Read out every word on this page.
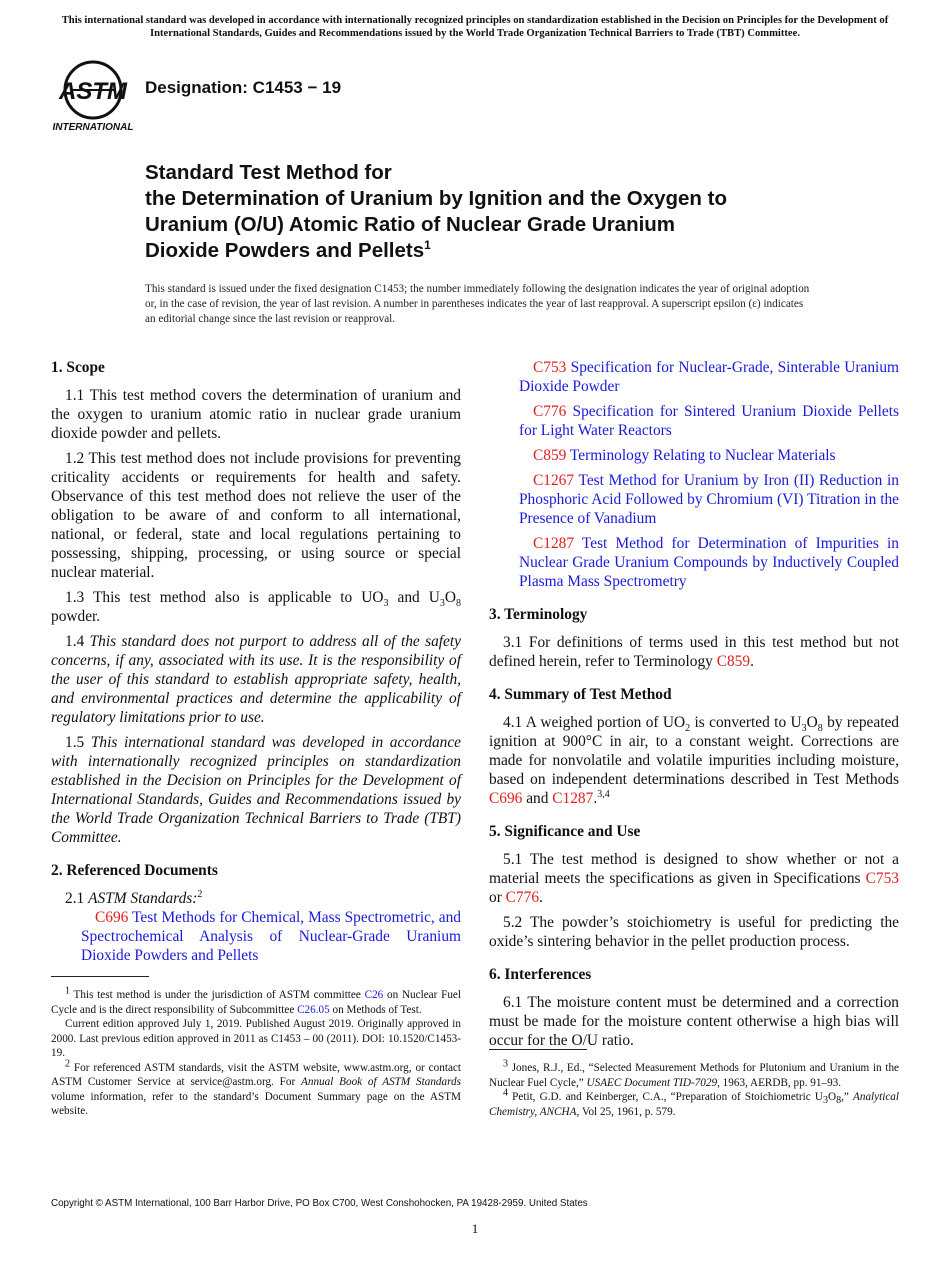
This international standard was developed in accordance with internationally recognized principles on standardization established in the Decision on Principles for the Development of International Standards, Guides and Recommendations issued by the World Trade Organization Technical Barriers to Trade (TBT) Committee.
ASTM
INTERNATIONAL
Designation: C1453 − 19
Standard Test Method for
the Determination of Uranium by Ignition and the Oxygen to
Uranium (O/U) Atomic Ratio of Nuclear Grade Uranium
Dioxide Powders and Pellets$^1$
This standard is issued under the fixed designation C1453; the number immediately following the designation indicates the year of original adoption or, in the case of revision, the year of last revision. A number in parentheses indicates the year of last reapproval. A superscript epsilon (ε) indicates an editorial change since the last revision or reapproval.
1. Scope

1.1 This test method covers the determination of uranium and the oxygen to uranium atomic ratio in nuclear grade uranium dioxide powder and pellets.

1.2 This test method does not include provisions for preventing criticality accidents or requirements for health and safety. Observance of this test method does not relieve the user of the obligation to be aware of and conform to all international, national, or federal, state and local regulations pertaining to possessing, shipping, processing, or using source or special nuclear material.

1.3 This test method also is applicable to $UO_3$ and $U_3O_8$ powder.

1.4 This standard does not purport to address all of the safety concerns, if any, associated with its use. It is the responsibility of the user of this standard to establish appropriate safety, health, and environmental practices and determine the applicability of regulatory limitations prior to use.

1.5 This international standard was developed in accordance with internationally recognized principles on standardization established in the Decision on Principles for the Development of International Standards, Guides and Recommendations issued by the World Trade Organization Technical Barriers to Trade (TBT) Committee.

2. Referenced Documents

2.1 ASTM Standards:$^2$

C696 Test Methods for Chemical, Mass Spectrometric, and Spectrochemical Analysis of Nuclear-Grade Uranium Dioxide Powders and Pellets

$^1$ This test method is under the jurisdiction of ASTM committee C26 on Nuclear Fuel Cycle and is the direct responsibility of Subcommittee C26.05 on Methods of Test.

Current edition approved July 1, 2019. Published August 2019. Originally approved in 2000. Last previous edition approved in 2011 as C1453 – 00 (2011). DOI: 10.1520/C1453-19.

$^2$ For referenced ASTM standards, visit the ASTM website, www.astm.org, or contact ASTM Customer Service at service@astm.org. For Annual Book of ASTM Standards volume information, refer to the standard’s Document Summary page on the ASTM website.

C753 Specification for Nuclear-Grade, Sinterable Uranium Dioxide Powder

C776 Specification for Sintered Uranium Dioxide Pellets for Light Water Reactors

C859 Terminology Relating to Nuclear Materials

C1267 Test Method for Uranium by Iron (II) Reduction in Phosphoric Acid Followed by Chromium (VI) Titration in the Presence of Vanadium

C1287 Test Method for Determination of Impurities in Nuclear Grade Uranium Compounds by Inductively Coupled Plasma Mass Spectrometry

3. Terminology

3.1 For definitions of terms used in this test method but not defined herein, refer to Terminology C859.

4. Summary of Test Method

4.1 A weighed portion of $UO_2$ is converted to $U_3O_8$ by repeated ignition at 900°C in air, to a constant weight. Corrections are made for nonvolatile and volatile impurities including moisture, based on independent determinations described in Test Methods C696 and C1287.$^{3,4}$

5. Significance and Use

5.1 The test method is designed to show whether or not a material meets the specifications as given in Specifications C753 or C776.

5.2 The powder’s stoichiometry is useful for predicting the oxide’s sintering behavior in the pellet production process.

6. Interferences

6.1 The moisture content must be determined and a correction must be made for the moisture content otherwise a high bias will occur for the O/U ratio.

$^3$ Jones, R.J., Ed., “Selected Measurement Methods for Plutonium and Uranium in the Nuclear Fuel Cycle,” USAEC Document TID-7029, 1963, AERDB, pp. 91–93.

$^4$ Petit, G.D. and Keinberger, C.A., “Preparation of Stoichiometric $U_3O_8$,” Analytical Chemistry, ANCHA, Vol 25, 1961, p. 579.

Copyright © ASTM International, 100 Barr Harbor Drive, PO Box C700, West Conshohocken, PA 19428-2959. United States
1
